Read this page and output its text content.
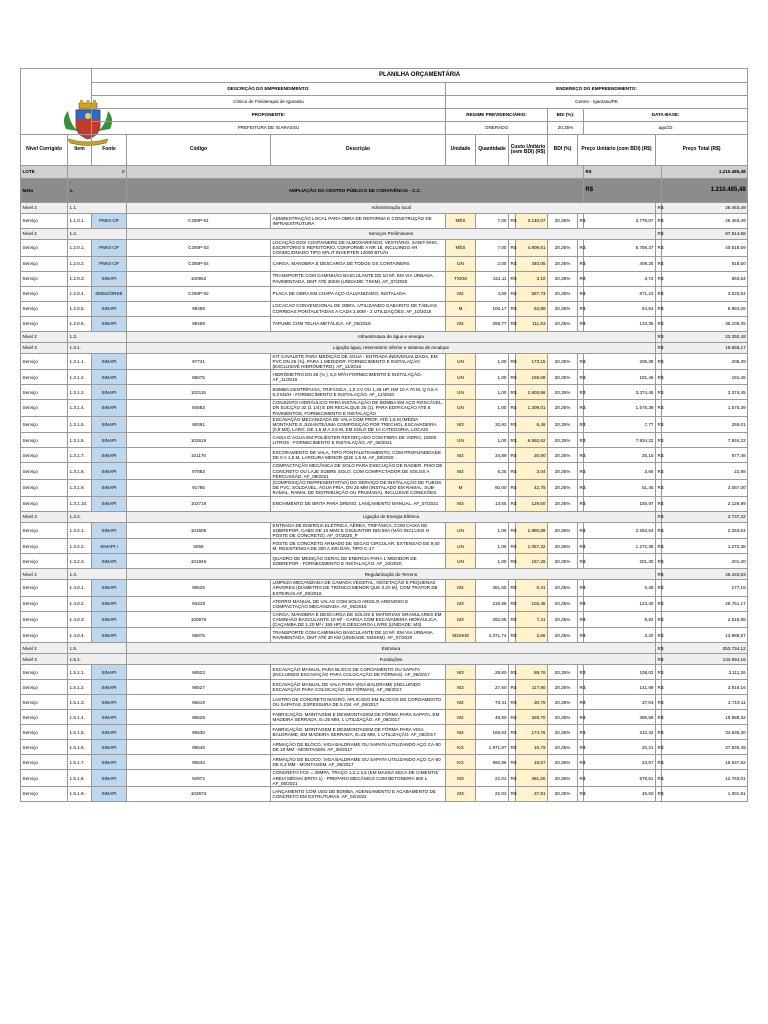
		PLANILHA ORÇAMENTÁRIA											
		DESCRIÇÃO DO EMPREENDIMENTO:			ENDEREÇO DO EMPREENDIMENTO:								
		Clínica de Fisioterapia de Igarassu			Centro - Igarassu/PE								
		PROPONENTE:			REGIME PREVIDENCIÁRIO:				BDI (%):		DATA-BASE:		
		PREFEITURA DE IGARASSU			ONERADO				20,35%		ago/22		
Nível Corrigido	Item	Fonte	Código	Descrição	Unidade	Quantidade	Custo Unitário (sem BDI) (R$)		BDI (%)	Preço Unitário (com BDI) (R$)		Preço Total (R$)	
LOTE	0										R$		1.210.485,48
Meta	1.		AMPLIAÇÃO DO CENTRO PÚBLICO DE CONVIVÊNCIA - C.C.								R$		1.210.485,48
Nível 2	1.1.		Administração local									R$	26.453,49
Serviço	1.1.0.1.	PMIG-CP	COMP-01	ADMINISTRAÇÃO LOCAL PARA OBRA DE REFORMA E CONSTRUÇÃO DE INFRAESTRUTURA	MÊS	7,00	R$	3.140,07	20,35%	R$	3.779,07	R$	26.453,49
Nível 2	1.2.		Serviços Preliminares									R$	87.914,58
Serviço	1.2.0.1.	PMIG-CP	COMP-03	LOCAÇÃO DOS CONTAINERS DE ALMOXARIFADO, VESTIÁRIO, SANITÁRIO, ESCRITÓRIO E REFEITÓRIO, CONFORME A NR 18, INCLUINDO AR CONDICIONADO TIPO SPLIT INVERTER 12000 BTU/H	MÊS	7,00	R$	4.809,61	20,35%	R$	5.788,37	R$	40.518,59
Serviço	1.2.0.2.	PMIG-CP	COMP-04	CARGA, MANOBRA E DESCARGA DE TODOS OS CONTAINERS	UN	2,00	R$	340,05	20,35%	R$	409,25	R$	818,50
Serviço	1.2.0.3.	SINAPI	100952	TRANSPORTE COM CAMINHÃO BASCULANTE DE 10 M³, EM VIA URBANA PAVIMENTADA, DMT ATÉ 30KM (UNIDADE: TXKM). AF_07/2020	TXKM	151,11	R$	3,10	20,35%	R$	3,73	R$	563,64
Serviço	1.2.0.4.	00051/ORSE	COMP-02	PLACA DE OBRA EM CHAPA AÇO GALVANIZADO, INSTALADA	M2	4,50	R$	557,73	20,35%	R$	671,23	R$	3.020,54
Serviço	1.2.0.5.	SINAPI	98458	LOCACAO CONVENCIONAL DE OBRA, UTILIZANDO GABARITO DE TÁBUAS CORRIDAS PONTALETADAS A CADA 2,00M - 2 UTILIZAÇÕES. AF_10/2018	M	106,17	R$	53,88	20,35%	R$	64,84	R$	6.884,06
Serviço	1.2.0.6.	SINAPI	98459	TAPUME COM TELHA METÁLICA. AF_05/2018	M2	269,77	R$	111,63	20,35%	R$	134,35	R$	36.109,25
Nível 2	1.3.		Infraestrutura de água e energia									R$	23.392,49
Nível 3	1.3.1.		Ligação água, reservatório inferior e sistema de recalque									R$	19.655,17
Serviço	1.3.1.1.	SINAPI	97741	KIT CAVALETE PARA MEDIÇÃO DE ÁGUA - ENTRADA INDIVIDUALIZADA, EM PVC DN 25 (¾), PARA 1 MEDIDOR. FORNECIMENTO E INSTALAÇÃO (EXCLUSIVE HIDRÔMETRO). AF_11/2016	UN	1,00	R$	173,15	20,35%	R$	208,39	R$	208,39
Serviço	1.3.1.2.	SINAPI	95675	HIDRÔMETRO DN 25 (¾ ), 5,0 M³/H FORNECIMENTO E INSTALAÇÃO. AF_11/2016	UN	1,00	R$	159,08	20,35%	R$	191,46	R$	191,46
Serviço	1.3.1.3.	SINAPI	102115	BOMBA CENTRÍFUGA, TRIFÁSICA, 1,5 CV OU 1,48 HP, HM 10 A 70 M, Q 0,8 A 5,3 M3/H - FORNECIMENTO E INSTALAÇÃO. AF_12/2020	UN	1,00	R$	2.803,86	20,35%	R$	3.374,45	R$	3.374,45
Serviço	1.3.1.4.	SINAPI	94683	CONJUNTO HIDRÁULICO PARA INSTALAÇÃO DE BOMBA EM AÇO ROSCÁVEL, DN SUCÇÃO 32 (1 1/4) E DN RECALQUE 25 (1), PARA EDIFICAÇÃO ATÉ 6 PAVIMENTOS, FORNECIMENTO E INSTALAÇÃO	UN	1,00	R$	1.309,01	20,35%	R$	1.575,39	R$	1.575,39
Serviço	1.3.1.5.	SINAPI	90091	ESCAVAÇÃO MECANIZADA DE VALA COM PROF. ATÉ 1,5 M (MÉDIA MONTANTE E JUSANTE/UMA COMPOSIÇÃO POR TRECHO), ESCAVADEIRA (0,8 M3), LARG. DE 1,5 M A 2,5 M, EM SOLO DE 1A CATEGORIA, LOCAIS	M3	32,82	R$	6,46	20,35%	R$	7,77	R$	255,01
Serviço	1.3.1.6.	SINAPI	102619	CAIXA D´ÁGUA EM POLIÉSTER REFORÇADO COM FIBRA DE VIDRO, 10000 LITROS - FORNECIMENTO E INSTALAÇÃO. AF_06/2021	UN	1,00	R$	6.592,62	20,35%	R$	7.934,22	R$	7.934,22
Serviço	1.3.1.7.	SINAPI	101170	ESCORAMENTO DE VALA, TIPO PONTALETEAMENTO, COM PROFUNDIDADE DE 0 A 1,5 M, LARGURA MENOR QUE 1,5 M. AF_08/2020	M2	34,89	R$	20,90	20,35%	R$	25,15	R$	877,48
Serviço	1.3.1.8.	SINAPI	97083	COMPACTAÇÃO MECÂNICA DE SOLO PARA EXECUÇÃO DE RADIER, PISO DE CONCRETO OU LAJE SOBRE SOLO, COM COMPACTADOR DE SOLOS A PERCUSSÃO. AF_09/2021	M2	6,25	R$	3,04	20,35%	R$	3,66	R$	22,88
Serviço	1.3.1.9.	SINAPI	91785	(COMPOSIÇÃO REPRESENTATIVA) DO SERVIÇO DE INSTALAÇÃO DE TUBOS DE PVC, SOLDÁVEL, ÁGUA FRIA, DN 25 MM (INSTALADO EM RAMAL, SUB-RAMAL, RAMAL DE DISTRIBUIÇÃO OU PRUMADA), INCLUSIVE CONEXÕES	M	60,00	R$	42,75	20,35%	R$	51,45	R$	3.087,00
Serviço	1.3.1.10.	SINAPI	102719	ENCHIMENTO DE BRITA PARA DRENO, LANÇAMENTO MANUAL. AF_07/2021	M3	13,65	R$	129,60	20,35%	R$	155,97	R$	2.128,99
Nível 3	1.3.2.		Ligação de Energia Elétrica									R$	3.737,32
Serviço	1.3.2.1.	SINAPI	101505	ENTRADA DE ENERGIA ELÉTRICA, AÉREA, TRIFÁSICA, COM CAIXA DE SOBREPOR, CABO DE 10 MM2 E DISJUNTOR DIN 50A (NÃO INCLUSO O POSTE DE CONCRETO). AF_07/2020_P	UN	1,00	R$	1.880,88	20,35%	R$	2.263,64	R$	2.263,64
Serviço	1.3.2.2.	SINAPI I	5059	POSTE DE CONCRETO ARMADO DE SECAO CIRCULAR, EXTENSAO DE 9,00 M, RESISTENCIA DE 300 A 400 DAN, TIPO C-17	UN	1,00	R$	1.057,22	20,35%	R$	1.272,38	R$	1.272,38
Serviço	1.3.2.3.	SINAPI	101946	QUADRO DE MEDIÇÃO GERAL DE ENERGIA PARA 1 MEDIDOR DE SOBREPOR - FORNECIMENTO E INSTALAÇÃO. AF_10/2020	UN	1,00	R$	167,26	20,35%	R$	201,30	R$	201,30
Nível 2	1.4.		Regularização do Terreno									R$	45.433,83
Serviço	1.4.0.1.	SINAPI	98525	LIMPEZA MECANIZADA DE CAMADA VEGETAL, VEGETAÇÃO E PEQUENAS ÁRVORES (DIÂMETRO DE TRONCO MENOR QUE 0,20 M), COM TRATOR DE ESTEIRAS.AF_05/2018	M2	361,60	R$	0,41	20,35%	R$	0,49	R$	177,18
Serviço	1.4.0.2.	SINAPI	94319	ATERRO MANUAL DE VALAS COM SOLO ARGILO-ARENOSO E COMPACTAÇÃO MECANIZADA. AF_05/2016	M3	216,96	R$	102,45	20,35%	R$	123,30	R$	26.751,17
Serviço	1.4.0.3.	SINAPI	100978	CARGA, MANOBRA E DESCARGA DE SOLOS E MATERIAIS GRANULARES EM CAMINHÃO BASCULANTE 10 M³ - CARGA COM ESCAVADEIRA HIDRÁULICA (CAÇAMBA DE 1,20 M³ / 155 HP) E DESCARGA LIVRE (UNIDADE: M3)	M3	282,05	R$	7,41	20,35%	R$	8,92	R$	2.515,88
Serviço	1.4.0.4.	SINAPI	95875	TRANSPORTE COM CAMINHÃO BASCULANTE DE 10 M³, EM VIA URBANA PAVIMENTADA, DMT ATÉ 30 KM (UNIDADE: M3XKM). AF_07/2020	M3XKM	4.371,74	R$	2,66	20,35%	R$	3,20	R$	13.989,57
Nível 2	1.5.		Estrutura									R$	353.734,12
Nível 3	1.5.1.		Fundações									R$	134.094,16
Serviço	1.5.1.1.	SINAPI	96523	ESCAVAÇÃO MANUAL PARA BLOCO DE COROAMENTO OU SAPATA (INCLUINDO ESCAVAÇÃO PARA COLOCAÇÃO DE FÔRMAS). AF_06/2017	M3	28,80	R$	89,76	20,35%	R$	108,03	R$	3.111,26
Serviço	1.5.1.2.	SINAPI	96527	ESCAVAÇÃO MANUAL DE VALA PARA VIGA BALDRAME (INCLUINDO ESCAVAÇÃO PARA COLOCAÇÃO DE FÔRMAS). AF_06/2017	M3	27,60	R$	117,90	20,35%	R$	141,89	R$	3.916,16
Serviço	1.5.1.3.	SINAPI	96619	LASTRO DE CONCRETO MAGRO, APLICADO EM BLOCOS DE COROAMENTO OU SAPATAS, ESPESSURA DE 5 CM. AF_08/2017	M2	73,41	R$	30,78	20,35%	R$	37,04	R$	2.719,11
Serviço	1.5.1.4.	SINAPI	96529	FABRICAÇÃO, MONTAGEM E DESMONTAGEM DE FÔRMA PARA SAPATA, EM MADEIRA SERRADA, E=25 MM, 1 UTILIZAÇÃO. AF_06/2017	M2	48,80	R$	328,70	20,35%	R$	395,59	R$	18.988,32
Serviço	1.5.1.5.	SINAPI	96530	FABRICAÇÃO, MONTAGEM E DESMONTAGEM DE FÔRMA PARA VIGA BALDRAME, EM MADEIRA SERRADA, E=25 MM, 1 UTILIZAÇÃO. AF_06/2017	M2	165,63	R$	174,76	20,35%	R$	210,32	R$	34.835,30
Serviço	1.5.1.6.	SINAPI	96546	ARMAÇÃO DE BLOCO, VIGA BALDRAME OU SAPATA UTILIZANDO AÇO CA-50 DE 10 MM - MONTAGEM. AF_06/2017	KG	1.871,87	R$	16,79	20,35%	R$	20,21	R$	37.830,49
Serviço	1.5.1.7.	SINAPI	96544	ARMAÇÃO DE BLOCO, VIGA BALDRAME OU SAPATA UTILIZANDO AÇO CA-50 DE 6,3 MM - MONTAGEM. AF_06/2017	KG	660,86	R$	19,67	20,35%	R$	23,67	R$	15.637,82
Serviço	1.5.1.8.	SINAPI	94972	CONCRETO FCK = 30MPA, TRAÇO 1:2,1:2,5 (EM MASSA SECA DE CIMENTO/ AREIA MÉDIA/ BRITA 1) - PREPARO MECÂNICO COM BETONEIRA 600 L. AF_05/2021	M3	22,02	R$	481,60	20,35%	R$	579,61	R$	12.763,01
Serviço	1.5.1.9.	SINAPI	103673	LANÇAMENTO COM USO DE BOMBA, ADENSAMENTO E ACABAMENTO DE CONCRETO EM ESTRUTURAS. AF_02/2022	M3	22,02	R$	37,81	20,35%	R$	45,50	R$	1.001,91
